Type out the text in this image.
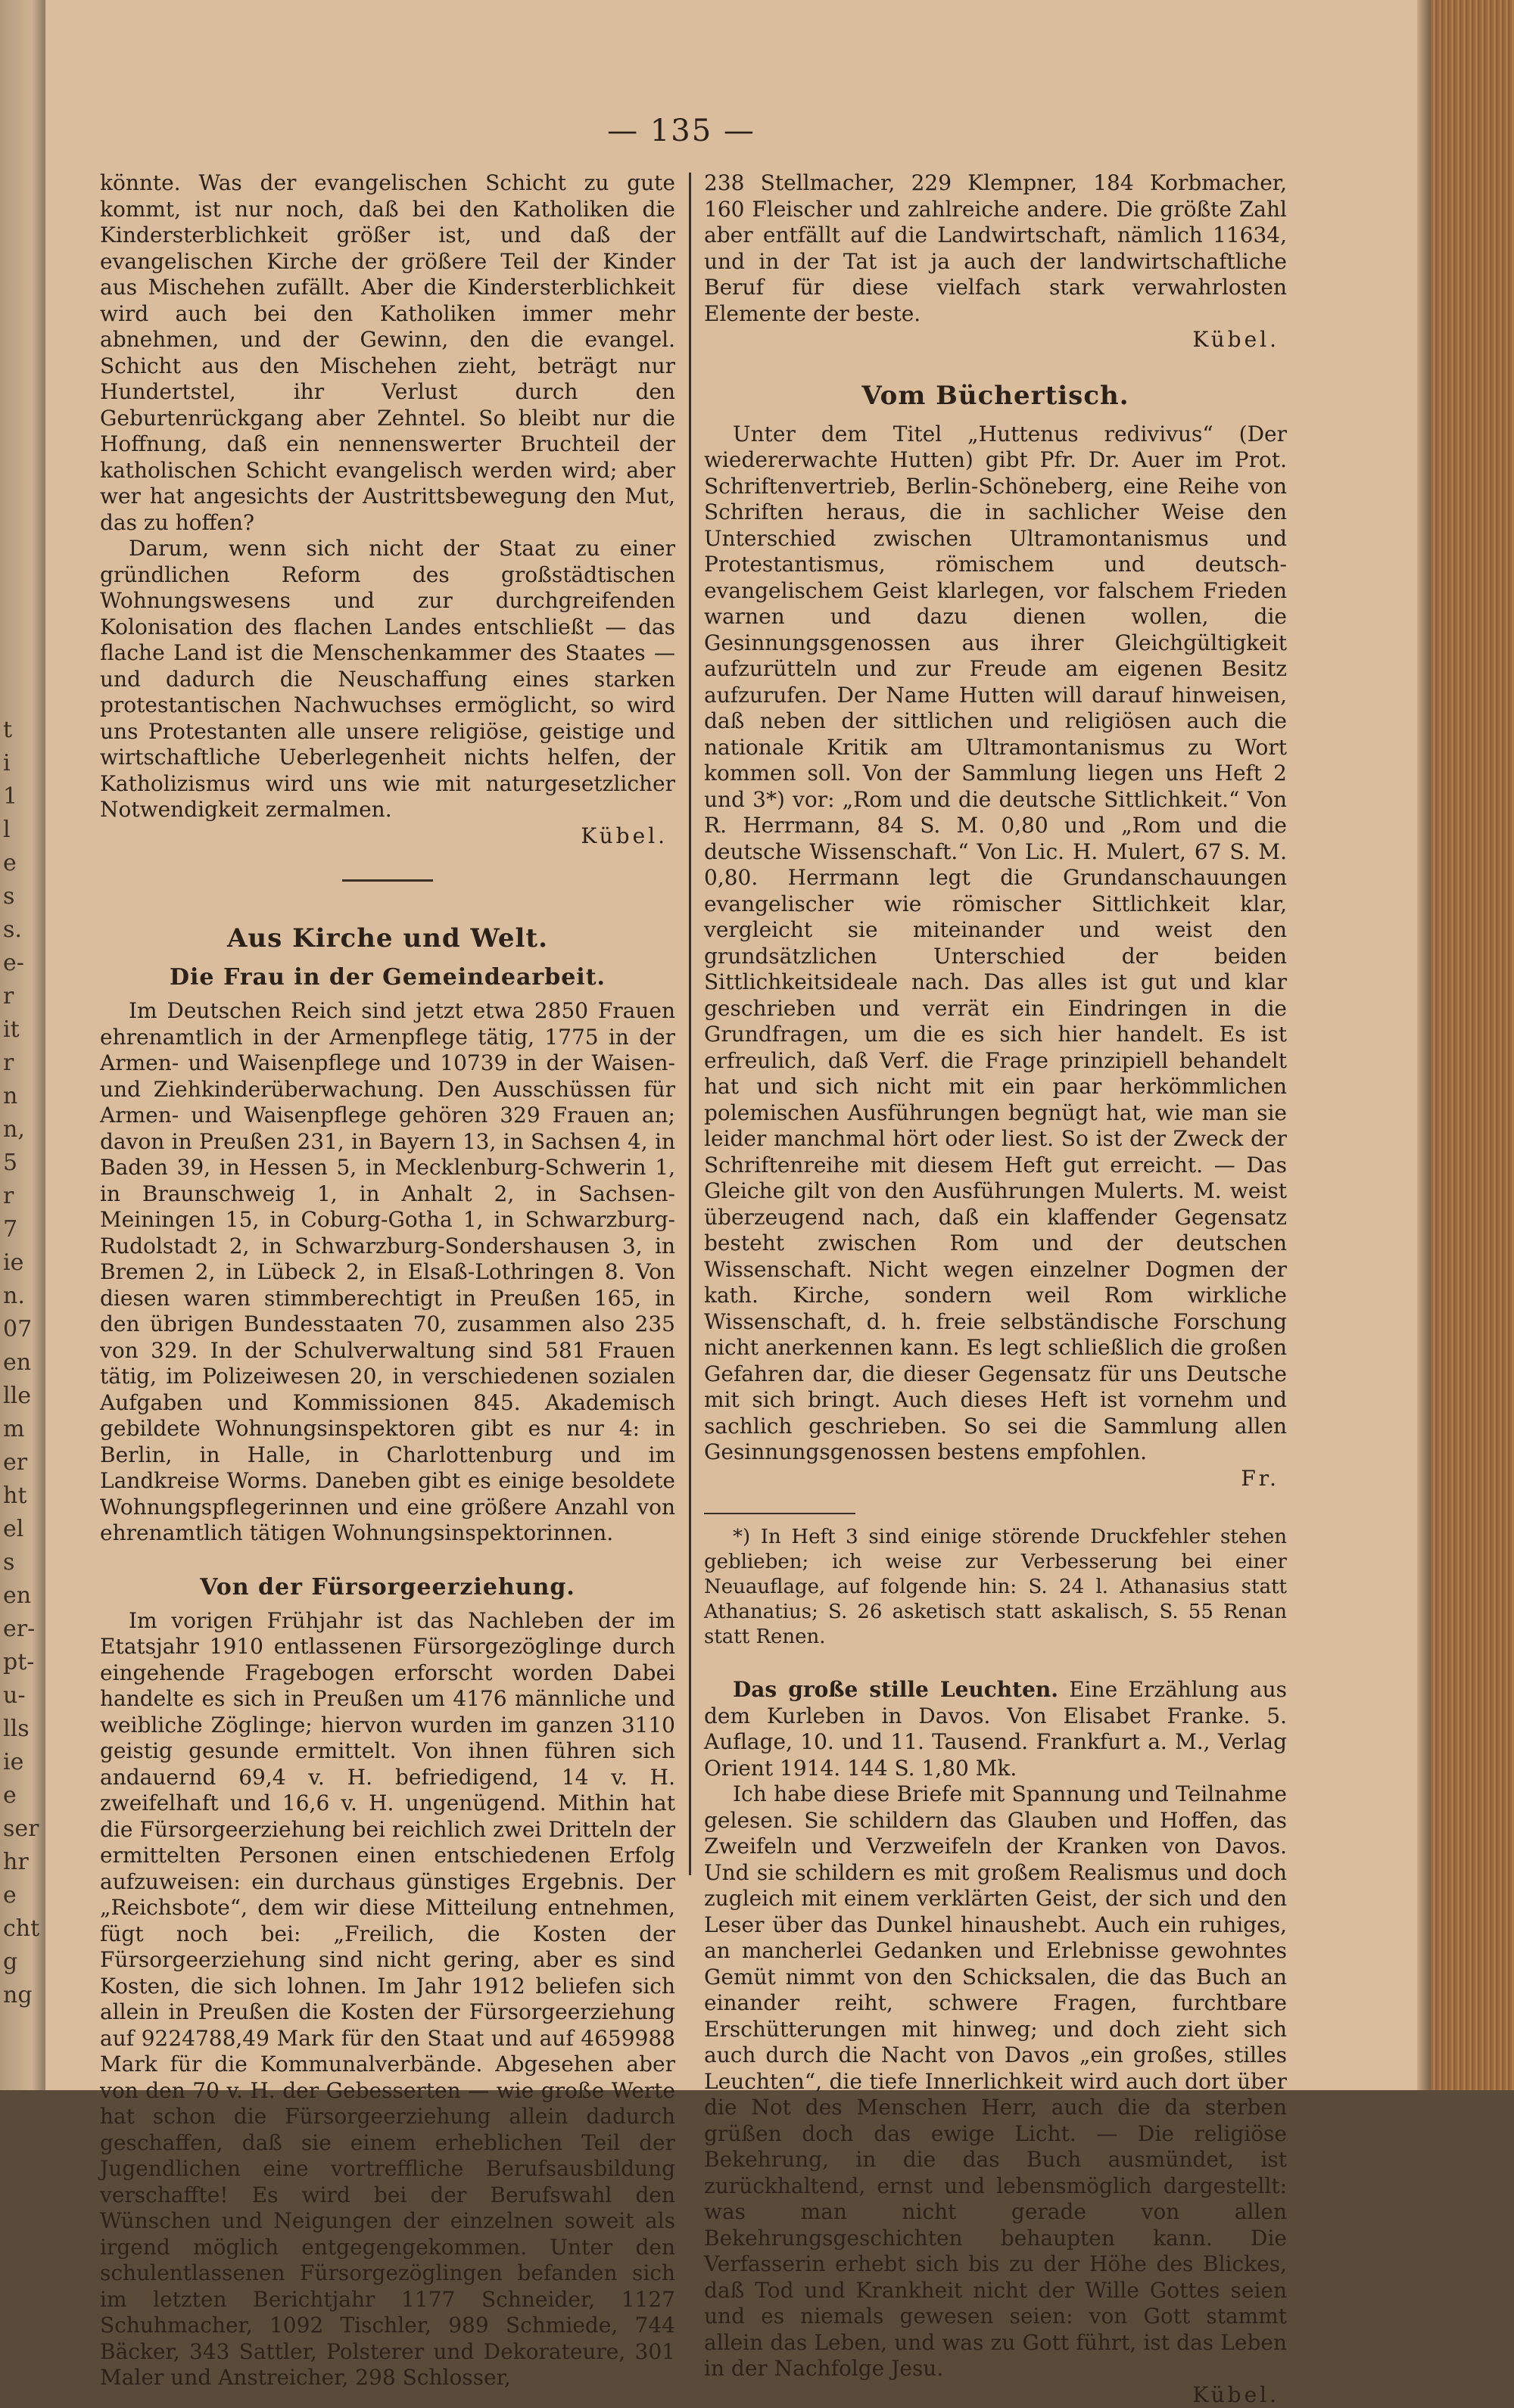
t
i
1
l
e
s
s.
e-
r
it
r
n
n,
5
r
7
ie
n.
07
en
lle
m
er
ht
el
s
en
er-
pt-
u-
lls
ie
e
ser
hr
e
cht
g
ng
— 135 —

könnte. Was der evangelischen Schicht zu gute kommt, ist nur noch, daß bei den Katholiken die Kindersterblichkeit größer ist, und daß der evangelischen Kirche der größere Teil der Kinder aus Mischehen zufällt. Aber die Kindersterblichkeit wird auch bei den Katholiken immer mehr abnehmen, und der Gewinn, den die evangel. Schicht aus den Mischehen zieht, beträgt nur Hundertstel, ihr Verlust durch den Geburtenrückgang aber Zehntel. So bleibt nur die Hoffnung, daß ein nennenswerter Bruchteil der katholischen Schicht evangelisch werden wird; aber wer hat angesichts der Austrittsbewegung den Mut, das zu hoffen?

Darum, wenn sich nicht der Staat zu einer gründlichen Reform des großstädtischen Wohnungswesens und zur durchgreifenden Kolonisation des flachen Landes entschließt — das flache Land ist die Menschenkammer des Staates — und dadurch die Neuschaffung eines starken protestantischen Nachwuchses ermöglicht, so wird uns Protestanten alle unsere religiöse, geistige und wirtschaftliche Ueberlegenheit nichts helfen, der Katholizismus wird uns wie mit naturgesetzlicher Notwendigkeit zermalmen.

Kübel.

Aus Kirche und Welt.
Die Frau in der Gemeindearbeit.

Im Deutschen Reich sind jetzt etwa 2850 Frauen ehrenamtlich in der Armenpflege tätig, 1775 in der Armen- und Waisenpflege und 10739 in der Waisen- und Ziehkinderüberwachung. Den Ausschüssen für Armen- und Waisenpflege gehören 329 Frauen an; davon in Preußen 231, in Bayern 13, in Sachsen 4, in Baden 39, in Hessen 5, in Mecklenburg-Schwerin 1, in Braunschweig 1, in Anhalt 2, in Sachsen-Meiningen 15, in Coburg-Gotha 1, in Schwarzburg-Rudolstadt 2, in Schwarzburg-Sondershausen 3, in Bremen 2, in Lübeck 2, in Elsaß-Lothringen 8. Von diesen waren stimmberechtigt in Preußen 165, in den übrigen Bundesstaaten 70, zusammen also 235 von 329. In der Schulverwaltung sind 581 Frauen tätig, im Polizeiwesen 20, in verschiedenen sozialen Aufgaben und Kommissionen 845. Akademisch gebildete Wohnungsinspektoren gibt es nur 4: in Berlin, in Halle, in Charlottenburg und im Landkreise Worms. Daneben gibt es einige besoldete Wohnungspflegerinnen und eine größere Anzahl von ehrenamtlich tätigen Wohnungsinspektorinnen.

Von der Fürsorgeerziehung.

Im vorigen Frühjahr ist das Nachleben der im Etatsjahr 1910 entlassenen Fürsorgezöglinge durch eingehende Fragebogen erforscht worden Dabei handelte es sich in Preußen um 4176 männliche und weibliche Zöglinge; hiervon wurden im ganzen 3110 geistig gesunde ermittelt. Von ihnen führen sich andauernd 69,4 v. H. befriedigend, 14 v. H. zweifelhaft und 16,6 v. H. ungenügend. Mithin hat die Fürsorgeerziehung bei reichlich zwei Dritteln der ermittelten Personen einen entschiedenen Erfolg aufzuweisen: ein durchaus günstiges Ergebnis. Der „Reichsbote“, dem wir diese Mitteilung entnehmen, fügt noch bei: „Freilich, die Kosten der Fürsorgeerziehung sind nicht gering, aber es sind Kosten, die sich lohnen. Im Jahr 1912 beliefen sich allein in Preußen die Kosten der Fürsorgeerziehung auf 9224788,49 Mark für den Staat und auf 4659988 Mark für die Kommunalverbände. Abgesehen aber von den 70 v. H. der Gebesserten — wie große Werte hat schon die Fürsorgeerziehung allein dadurch geschaffen, daß sie einem erheblichen Teil der Jugendlichen eine vortreffliche Berufsausbildung verschaffte! Es wird bei der Berufswahl den Wünschen und Neigungen der einzelnen soweit als irgend möglich entgegengekommen. Unter den schulentlassenen Fürsorgezöglingen befanden sich im letzten Berichtjahr 1177 Schneider, 1127 Schuhmacher, 1092 Tischler, 989 Schmiede, 744 Bäcker, 343 Sattler, Polsterer und Dekorateure, 301 Maler und Anstreicher, 298 Schlosser,

238 Stellmacher, 229 Klempner, 184 Korbmacher, 160 Fleischer und zahlreiche andere. Die größte Zahl aber entfällt auf die Landwirtschaft, nämlich 11634, und in der Tat ist ja auch der landwirtschaftliche Beruf für diese vielfach stark verwahrlosten Elemente der beste.

Kübel.

Vom Büchertisch.

Unter dem Titel „Huttenus redivivus“ (Der wiedererwachte Hutten) gibt Pfr. Dr. Auer im Prot. Schriftenvertrieb, Berlin-Schöneberg, eine Reihe von Schriften heraus, die in sachlicher Weise den Unterschied zwischen Ultramontanismus und Protestantismus, römischem und deutsch-evangelischem Geist klarlegen, vor falschem Frieden warnen und dazu dienen wollen, die Gesinnungsgenossen aus ihrer Gleichgültigkeit aufzurütteln und zur Freude am eigenen Besitz aufzurufen. Der Name Hutten will darauf hinweisen, daß neben der sittlichen und religiösen auch die nationale Kritik am Ultramontanismus zu Wort kommen soll. Von der Sammlung liegen uns Heft 2 und 3*) vor: „Rom und die deutsche Sittlichkeit.“ Von R. Herrmann, 84 S. M. 0,80 und „Rom und die deutsche Wissenschaft.“ Von Lic. H. Mulert, 67 S. M. 0,80. Herrmann legt die Grundanschauungen evangelischer wie römischer Sittlichkeit klar, vergleicht sie miteinander und weist den grundsätzlichen Unterschied der beiden Sittlichkeitsideale nach. Das alles ist gut und klar geschrieben und verrät ein Eindringen in die Grundfragen, um die es sich hier handelt. Es ist erfreulich, daß Verf. die Frage prinzipiell behandelt hat und sich nicht mit ein paar herkömmlichen polemischen Ausführungen begnügt hat, wie man sie leider manchmal hört oder liest. So ist der Zweck der Schriftenreihe mit diesem Heft gut erreicht. — Das Gleiche gilt von den Ausführungen Mulerts. M. weist überzeugend nach, daß ein klaffender Gegensatz besteht zwischen Rom und der deutschen Wissenschaft. Nicht wegen einzelner Dogmen der kath. Kirche, sondern weil Rom wirkliche Wissenschaft, d. h. freie selbständische Forschung nicht anerkennen kann. Es legt schließlich die großen Gefahren dar, die dieser Gegensatz für uns Deutsche mit sich bringt. Auch dieses Heft ist vornehm und sachlich geschrieben. So sei die Sammlung allen Gesinnungsgenossen bestens empfohlen.

Fr.

*) In Heft 3 sind einige störende Druckfehler stehen geblieben; ich weise zur Verbesserung bei einer Neuauflage, auf folgende hin: S. 24 l. Athanasius statt Athanatius; S. 26 asketisch statt askalisch, S. 55 Renan statt Renen.

Das große stille Leuchten. Eine Erzählung aus dem Kurleben in Davos. Von Elisabet Franke. 5. Auflage, 10. und 11. Tausend. Frankfurt a. M., Verlag Orient 1914. 144 S. 1,80 Mk.

Ich habe diese Briefe mit Spannung und Teilnahme gelesen. Sie schildern das Glauben und Hoffen, das Zweifeln und Verzweifeln der Kranken von Davos. Und sie schildern es mit großem Realismus und doch zugleich mit einem verklärten Geist, der sich und den Leser über das Dunkel hinaushebt. Auch ein ruhiges, an mancherlei Gedanken und Erlebnisse gewohntes Gemüt nimmt von den Schicksalen, die das Buch an einander reiht, schwere Fragen, furchtbare Erschütterungen mit hinweg; und doch zieht sich auch durch die Nacht von Davos „ein großes, stilles Leuchten“, die tiefe Innerlichkeit wird auch dort über die Not des Menschen Herr, auch die da sterben grüßen doch das ewige Licht. — Die religiöse Bekehrung, in die das Buch ausmündet, ist zurückhaltend, ernst und lebensmöglich dargestellt: was man nicht gerade von allen Bekehrungsgeschichten behaupten kann. Die Verfasserin erhebt sich bis zu der Höhe des Blickes, daß Tod und Krankheit nicht der Wille Gottes seien und es niemals gewesen seien: von Gott stammt allein das Leben, und was zu Gott führt, ist das Leben in der Nachfolge Jesu.

Kübel.
